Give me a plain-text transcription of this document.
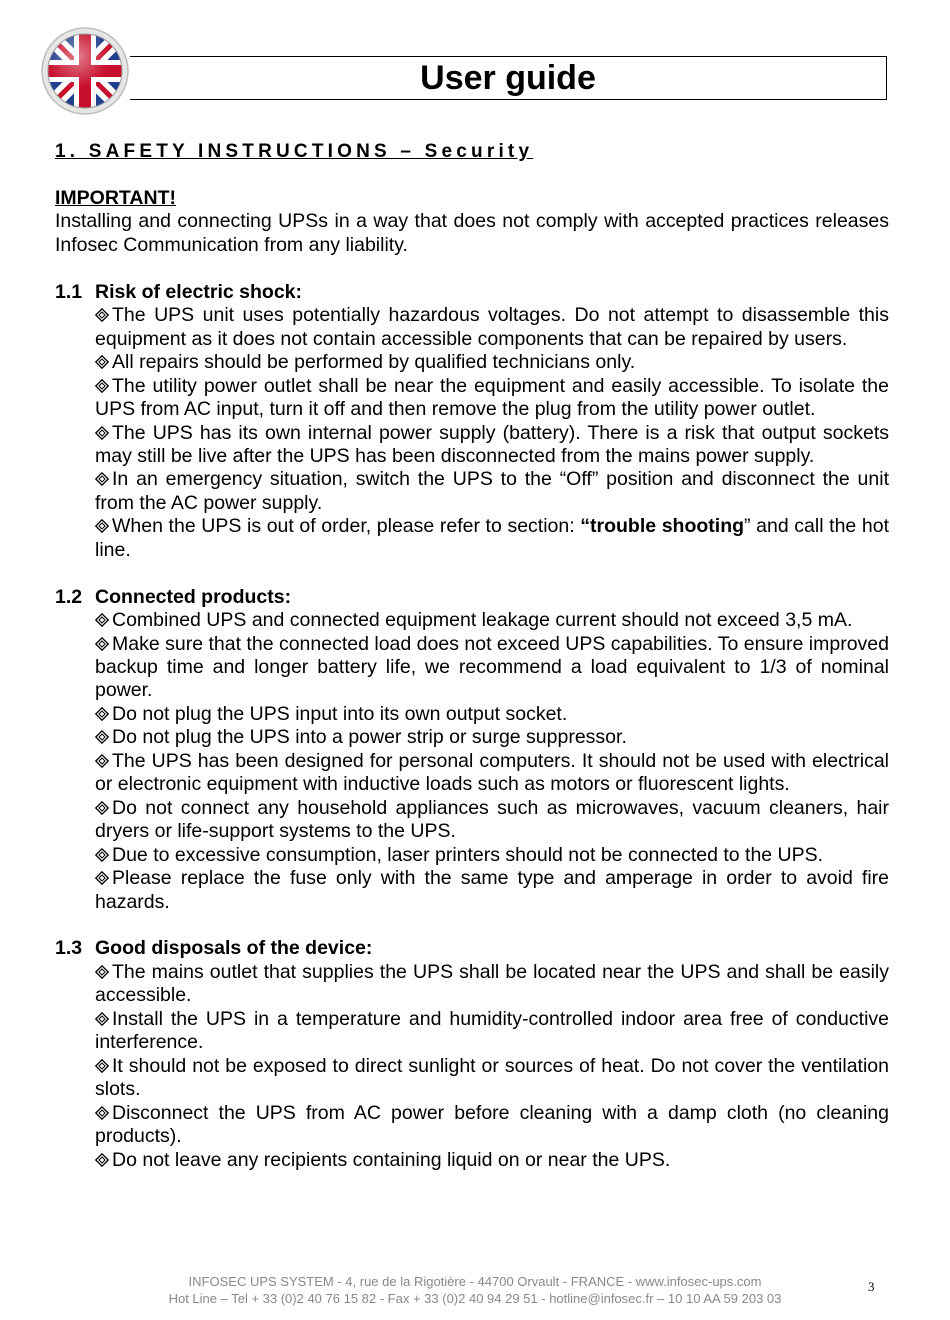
User guide
1. SAFETY INSTRUCTIONS – Security
IMPORTANT!
Installing and connecting UPSs in a way that does not comply with accepted practices releases Infosec Communication from any liability.
1.1 Risk of electric shock:
The UPS unit uses potentially hazardous voltages. Do not attempt to disassemble this equipment as it does not contain accessible components that can be repaired by users.
All repairs should be performed by qualified technicians only.
The utility power outlet shall be near the equipment and easily accessible. To isolate the UPS from AC input, turn it off and then remove the plug from the utility power outlet.
The UPS has its own internal power supply (battery). There is a risk that output sockets may still be live after the UPS has been disconnected from the mains power supply.
In an emergency situation, switch the UPS to the “Off” position and disconnect the unit from the AC power supply.
When the UPS is out of order, please refer to section: “trouble shooting” and call the hot line.
1.2 Connected products:
Combined UPS and connected equipment leakage current should not exceed 3,5 mA.
Make sure that the connected load does not exceed UPS capabilities. To ensure improved backup time and longer battery life, we recommend a load equivalent to 1/3 of nominal power.
Do not plug the UPS input into its own output socket.
Do not plug the UPS into a power strip or surge suppressor.
The UPS has been designed for personal computers. It should not be used with electrical or electronic equipment with inductive loads such as motors or fluorescent lights.
Do not connect any household appliances such as microwaves, vacuum cleaners, hair dryers or life-support systems to the UPS.
Due to excessive consumption, laser printers should not be connected to the UPS.
Please replace the fuse only with the same type and amperage in order to avoid fire hazards.
1.3 Good disposals of the device:
The mains outlet that supplies the UPS shall be located near the UPS and shall be easily accessible.
Install the UPS in a temperature and humidity-controlled indoor area free of conductive interference.
It should not be exposed to direct sunlight or sources of heat. Do not cover the ventilation slots.
Disconnect the UPS from AC power before cleaning with a damp cloth (no cleaning products).
Do not leave any recipients containing liquid on or near the UPS.
INFOSEC UPS SYSTEM - 4, rue de la Rigotière - 44700 Orvault - FRANCE - www.infosec-ups.com
Hot Line – Tel + 33 (0)2 40 76 15 82 - Fax + 33 (0)2 40 94 29 51 - hotline@infosec.fr – 10 10 AA 59 203 03
3
